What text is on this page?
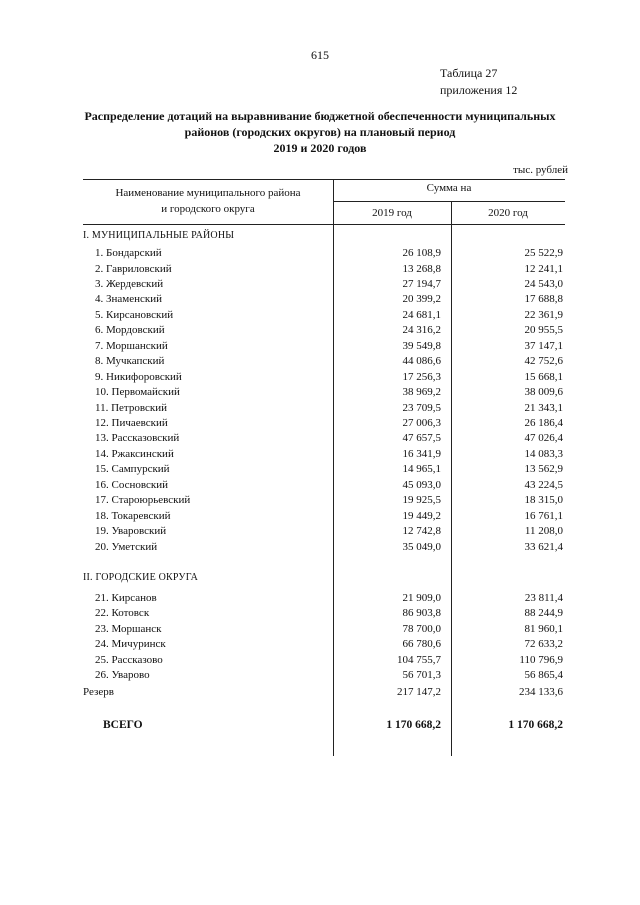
615
Таблица 27
приложения 12
Распределение дотаций на выравнивание бюджетной обеспеченности муниципальных
районов (городских округов) на плановый период
2019 и 2020 годов
тыс. рублей
Наименование муниципального района
и городского округа
Сумма на
2019 год	2020 год
I. МУНИЦИПАЛЬНЫЕ РАЙОНЫ
1. Бондарский	26 108,9	25 522,9
2. Гавриловский	13 268,8	12 241,1
3. Жердевский	27 194,7	24 543,0
4. Знаменский	20 399,2	17 688,8
5. Кирсановский	24 681,1	22 361,9
6. Мордовский	24 316,2	20 955,5
7. Моршанский	39 549,8	37 147,1
8. Мучкапский	44 086,6	42 752,6
9. Никифоровский	17 256,3	15 668,1
10. Первомайский	38 969,2	38 009,6
11. Петровский	23 709,5	21 343,1
12. Пичаевский	27 006,3	26 186,4
13. Рассказовский	47 657,5	47 026,4
14. Ржаксинский	16 341,9	14 083,3
15. Сампурский	14 965,1	13 562,9
16. Сосновский	45 093,0	43 224,5
17. Староюрьевский	19 925,5	18 315,0
18. Токаревский	19 449,2	16 761,1
19. Уваровский	12 742,8	11 208,0
20. Уметский	35 049,0	33 621,4
II. ГОРОДСКИЕ ОКРУГА
21. Кирсанов	21 909,0	23 811,4
22. Котовск	86 903,8	88 244,9
23. Моршанск	78 700,0	81 960,1
24. Мичуринск	66 780,6	72 633,2
25. Рассказово	104 755,7	110 796,9
26. Уварово	56 701,3	56 865,4
Резерв	217 147,2	234 133,6
ВСЕГО	1 170 668,2	1 170 668,2
